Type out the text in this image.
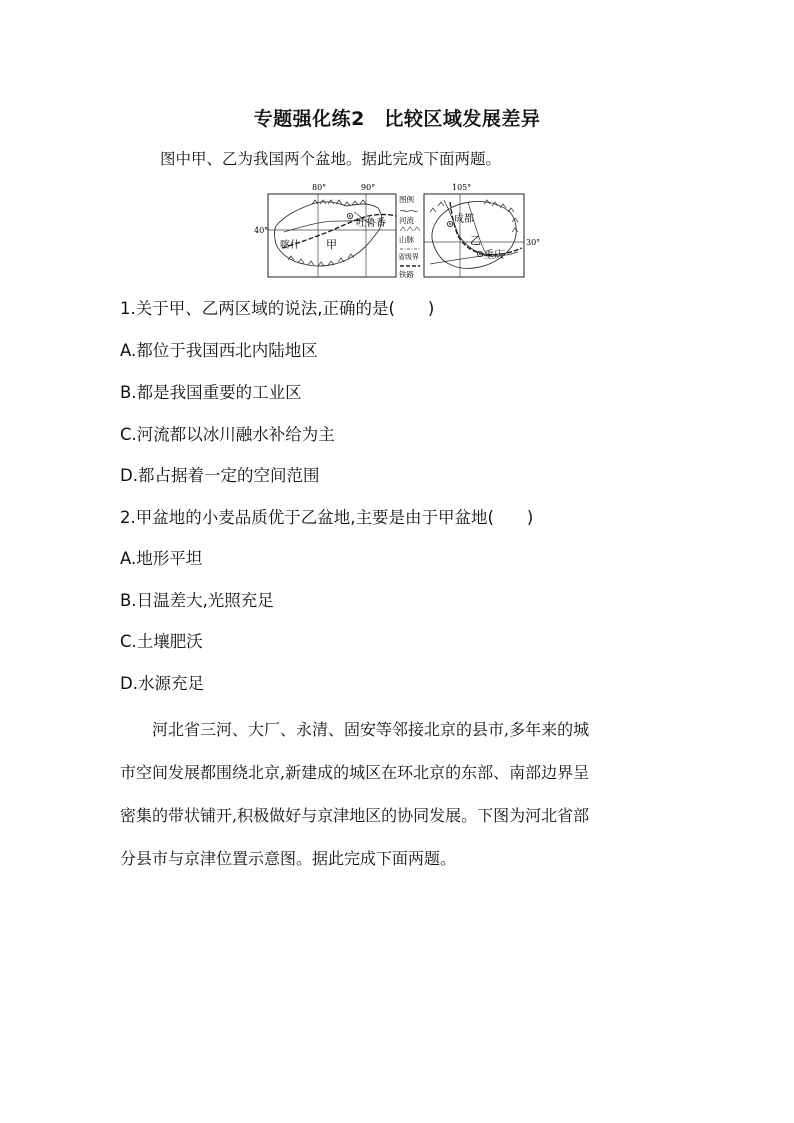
专题强化练2　比较区域发展差异
图中甲、乙为我国两个盆地。据此完成下面两题。
80°	90°
40°
吐鲁番
喀什 甲
图例
河流
山脉
省级界
铁路
105°
30°
成都
重庆
乙
1.关于甲、乙两区域的说法,正确的是(　　)
A.都位于我国西北内陆地区
B.都是我国重要的工业区
C.河流都以冰川融水补给为主
D.都占据着一定的空间范围
2.甲盆地的小麦品质优于乙盆地,主要是由于甲盆地(　　)
A.地形平坦
B.日温差大,光照充足
C.土壤肥沃
D.水源充足
　　河北省三河、大厂、永清、固安等邻接北京的县市,多年来的城
市空间发展都围绕北京,新建成的城区在环北京的东部、南部边界呈
密集的带状铺开,积极做好与京津地区的协同发展。下图为河北省部
分县市与京津位置示意图。据此完成下面两题。
